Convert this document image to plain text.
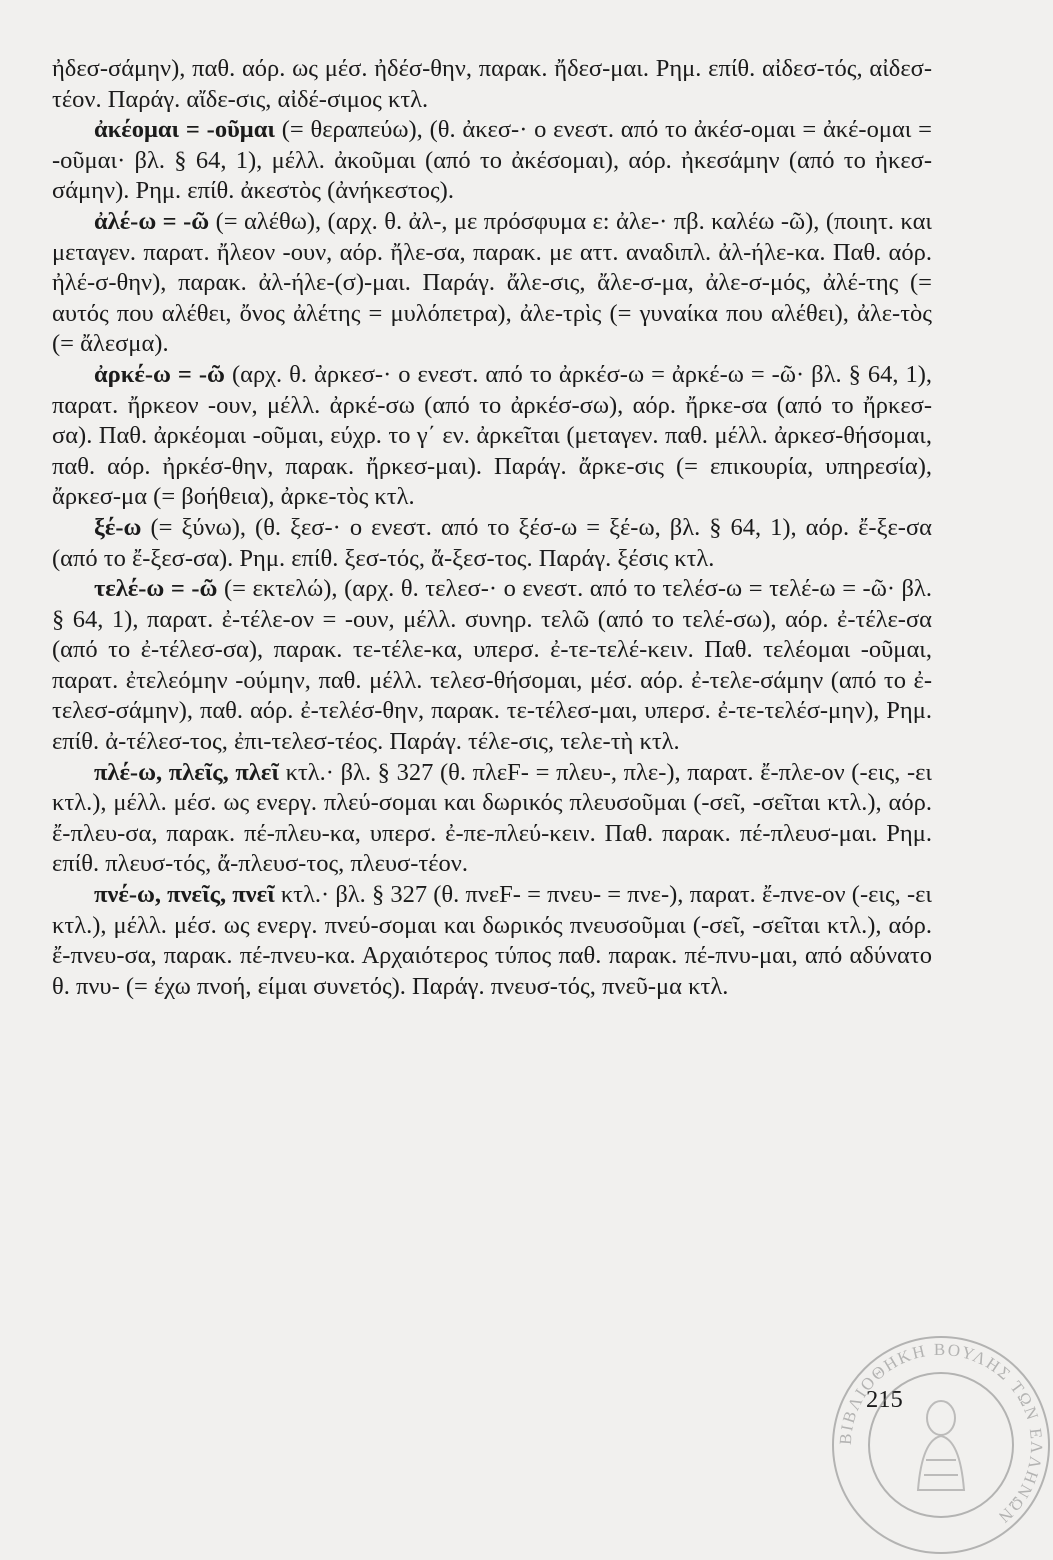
ἠδεσ-σάμην), παθ. αόρ. ως μέσ. ἠδέσ-θην, παρακ. ἤδεσ-μαι. Ρημ. επίθ. αἰδεσ-τός, αἰδεσ-τέον. Παράγ. αἴδε-σις, αἰδέ-σιμος κτλ.

ἀκέομαι = -οῦμαι (= θεραπεύω), (θ. ἀκεσ-· ο ενεστ. από το ἀκέσ-ομαι = ἀκέ-ομαι = -οῦμαι· βλ. § 64, 1), μέλλ. ἀκοῦμαι (από το ἀκέσομαι), αόρ. ἠκεσάμην (από το ἠκεσ-σάμην). Ρημ. επίθ. ἀκεστὸς (ἀνήκεστος).

ἀλέ-ω = -ῶ (= αλέθω), (αρχ. θ. ἀλ-, με πρόσφυμα ε: ἀλε-· πβ. καλέω -ῶ), (ποιητ. και μεταγεν. παρατ. ἤλεον -ουν, αόρ. ἤλε-σα, παρακ. με αττ. αναδιπλ. ἀλ-ήλε-κα. Παθ. αόρ. ἠλέ-σ-θην), παρακ. ἀλ-ήλε-(σ)-μαι. Παράγ. ἄλε-σις, ἄλε-σ-μα, ἀλε-σ-μός, ἀλέ-της (= αυτός που αλέθει, ὄνος ἀλέτης = μυλόπετρα), ἀλε-τρὶς (= γυναίκα που αλέθει), ἀλε-τὸς (= ἄλεσμα).

ἀρκέ-ω = -ῶ (αρχ. θ. ἀρκεσ-· ο ενεστ. από το ἀρκέσ-ω = ἀρκέ-ω = -ῶ· βλ. § 64, 1), παρατ. ἤρκεον -ουν, μέλλ. ἀρκέ-σω (από το ἀρκέσ-σω), αόρ. ἤρκε-σα (από το ἤρκεσ-σα). Παθ. ἀρκέομαι -οῦμαι, εύχρ. το γ΄ εν. ἀρκεῖται (μεταγεν. παθ. μέλλ. ἀρκεσ-θήσομαι, παθ. αόρ. ἠρκέσ-θην, παρακ. ἤρκεσ-μαι). Παράγ. ἄρκε-σις (= επικουρία, υπηρεσία), ἄρκεσ-μα (= βοήθεια), ἀρκε-τὸς κτλ.

ξέ-ω (= ξύνω), (θ. ξεσ-· ο ενεστ. από το ξέσ-ω = ξέ-ω, βλ. § 64, 1), αόρ. ἔ-ξε-σα (από το ἔ-ξεσ-σα). Ρημ. επίθ. ξεσ-τός, ἄ-ξεσ-τος. Παράγ. ξέσις κτλ.

τελέ-ω = -ῶ (= εκτελώ), (αρχ. θ. τελεσ-· ο ενεστ. από το τελέσ-ω = τελέ-ω = -ῶ· βλ. § 64, 1), παρατ. ἐ-τέλε-ον = -ουν, μέλλ. συνηρ. τελῶ (από το τελέ-σω), αόρ. ἐ-τέλε-σα (από το ἐ-τέλεσ-σα), παρακ. τε-τέλε-κα, υπερσ. ἐ-τε-τελέ-κειν. Παθ. τελέομαι -οῦμαι, παρατ. ἐτελεόμην -ούμην, παθ. μέλλ. τελεσ-θήσομαι, μέσ. αόρ. ἐ-τελε-σάμην (από το ἐ-τελεσ-σάμην), παθ. αόρ. ἐ-τελέσ-θην, παρακ. τε-τέλεσ-μαι, υπερσ. ἐ-τε-τελέσ-μην), Ρημ. επίθ. ἀ-τέλεσ-τος, ἐπι-τελεσ-τέος. Παράγ. τέλε-σις, τελε-τὴ κτλ.

πλέ-ω, πλεῖς, πλεῖ κτλ.· βλ. § 327 (θ. πλεF- = πλευ-, πλε-), παρατ. ἔ-πλε-ον (-εις, -ει κτλ.), μέλλ. μέσ. ως ενεργ. πλεύ-σομαι και δωρικός πλευσοῦμαι (-σεῖ, -σεῖται κτλ.), αόρ. ἔ-πλευ-σα, παρακ. πέ-πλευ-κα, υπερσ. ἐ-πε-πλεύ-κειν. Παθ. παρακ. πέ-πλευσ-μαι. Ρημ. επίθ. πλευσ-τός, ἄ-πλευσ-τος, πλευσ-τέον.

πνέ-ω, πνεῖς, πνεῖ κτλ.· βλ. § 327 (θ. πνεF- = πνευ- = πνε-), παρατ. ἔ-πνε-ον (-εις, -ει κτλ.), μέλλ. μέσ. ως ενεργ. πνεύ-σομαι και δωρικός πνευσοῦμαι (-σεῖ, -σεῖται κτλ.), αόρ. ἔ-πνευ-σα, παρακ. πέ-πνευ-κα. Αρχαιότερος τύπος παθ. παρακ. πέ-πνυ-μαι, από αδύνατο θ. πνυ- (= έχω πνοή, είμαι συνετός). Παράγ. πνευσ-τός, πνεῦ-μα κτλ.

215
ΒΙΒΛΙΟΘΗΚΗ ΒΟΥΛΗΣ ΤΩΝ ΕΛΛΗΝΩΝ
